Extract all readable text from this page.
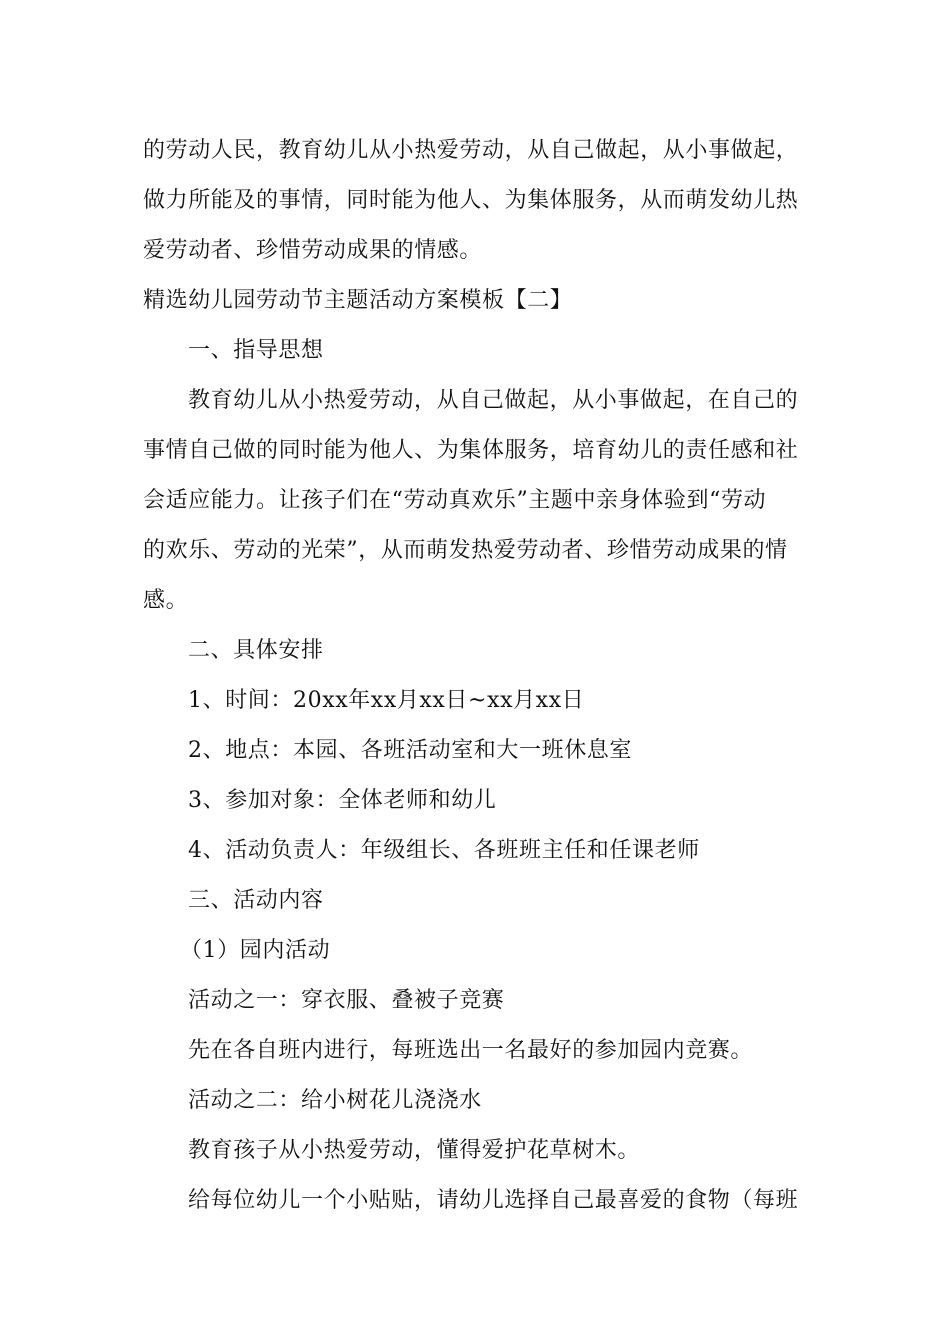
的劳动人民，教育幼儿从小热爱劳动，从自己做起，从小事做起，
做力所能及的事情，同时能为他人、为集体服务，从而萌发幼儿热
爱劳动者、珍惜劳动成果的情感。
精选幼儿园劳动节主题活动方案模板【二】
一、指导思想
教育幼儿从小热爱劳动，从自己做起，从小事做起，在自己的
事情自己做的同时能为他人、为集体服务，培育幼儿的责任感和社
会适应能力。让孩子们在“劳动真欢乐”主题中亲身体验到“劳动
的欢乐、劳动的光荣”，从而萌发热爱劳动者、珍惜劳动成果的情
感。
二、具体安排
1、时间：20xx年xx月xx日~xx月xx日
2、地点：本园、各班活动室和大一班休息室
3、参加对象：全体老师和幼儿
4、活动负责人：年级组长、各班班主任和任课老师
三、活动内容
（1）园内活动
活动之一：穿衣服、叠被子竞赛
先在各自班内进行，每班选出一名最好的参加园内竞赛。
活动之二：给小树花儿浇浇水
教育孩子从小热爱劳动，懂得爱护花草树木。
给每位幼儿一个小贴贴，请幼儿选择自己最喜爱的食物（每班
